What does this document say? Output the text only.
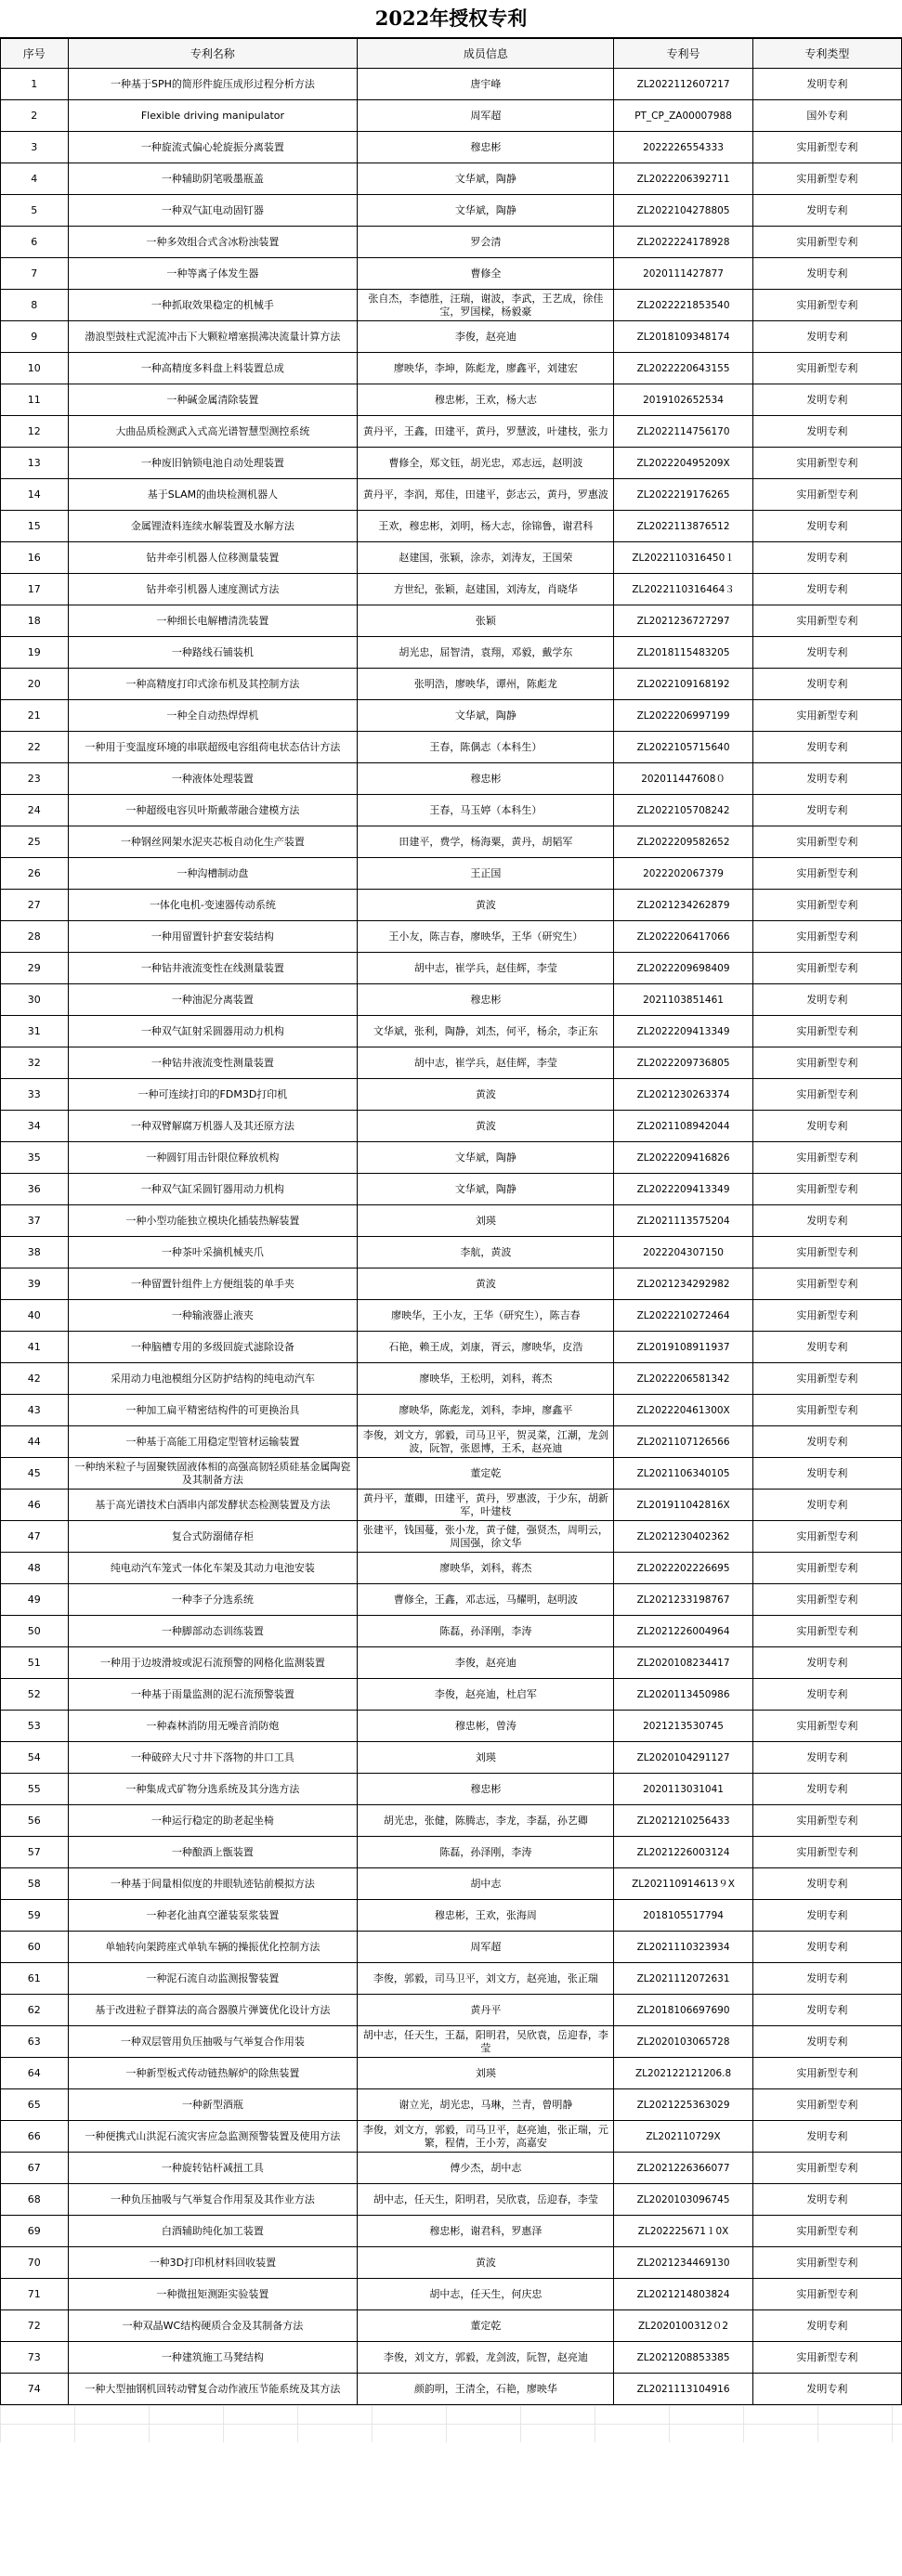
2022年授权专利
序号	专利名称	成员信息	专利号	专利类型
1	一种基于SPH的简形件旋压成形过程分析方法	唐宇峰	ZL2022112607217	发明专利
2	Flexible driving manipulator	周军超	PT_CP_ZA00007988	国外专利
3	一种旋流式偏心轮旋振分离装置	穆忠彬	2022226554333	实用新型专利
4	一种辅助阴笔吸墨瓶盖	文华斌，陶静	ZL2022206392711	实用新型专利
5	一种双气缸电动固钉器	文华斌，陶静	ZL2022104278805	发明专利
6	一种多效组合式含冰粉浊装置	罗会清	ZL2022224178928	实用新型专利
7	一种等离子体发生器	曹修全	2020111427877	发明专利
8	一种抓取效果稳定的机械手	张自杰，李德胜，汪瑞，谢波，李武，王艺成，徐佳宝，罗国樑，杨毅豪	ZL2022221853540	实用新型专利
9	渤浪型鼓柱式泥流冲击下大颗粒增塞损沸决流量计算方法	李俊，赵亮迪	ZL2018109348174	发明专利
10	一种高精度多料盘上料装置总成	廖映华，李坤，陈彪龙，廖鑫平，刘建宏	ZL2022220643155	实用新型专利
11	一种碱金属清除装置	穆忠彬，王欢，杨大志	2019102652534	发明专利
12	大曲品质检测武入式高光谱智慧型测控系统	黄丹平，王鑫，田建平，黄丹，罗慧波，叶建枝，张力	ZL2022114756170	发明专利
13	一种废旧钠锁电池自动处理装置	曹修全，郑文钰，胡光忠，邓志远，赵明波	ZL202220495209X	实用新型专利
14	基于SLAM的曲块检测机器人	黄丹平，李润，郑佳，田建平，彭志云，黄丹，罗惠波	ZL2022219176265	实用新型专利
15	金属锂渣料连续水解装置及水解方法	王欢，穆忠彬，刘明，杨大志，徐锦鲁，谢君科	ZL2022113876512	发明专利
16	钻井牵引机器人位移测量装置	赵建国，张颖，涂赤，刘涛友，王国荣	ZL2022110316450１	发明专利
17	钻井牵引机器人速度测试方法	方世纪，张颖，赵建国，刘涛友，肖晓华	ZL2022110316464３	发明专利
18	一种细长电解槽清洗装置	张颖	ZL2021236727297	实用新型专利
19	一种路线石铺装机	胡光忠，屈智清，袁翔，邓毅，戴学东	ZL2018115483205	发明专利
20	一种高精度打印式涂布机及其控制方法	张明浩，廖映华，谭州，陈彪龙	ZL2022109168192	发明专利
21	一种全自动热焊焊机	文华斌，陶静	ZL2022206997199	实用新型专利
22	一种用于变温度环境的串联超级电容组荷电状态估计方法	王春，陈偶志（本科生）	ZL2022105715640	发明专利
23	一种液体处理装置	穆忠彬	202011447608０	发明专利
24	一种超级电容贝叶斯戴蒂融合建模方法	王春，马玉婷（本科生）	ZL2022105708242	发明专利
25	一种钢丝网架水泥夹芯板自动化生产装置	田建平，费学，杨海粟，黄丹，胡韬军	ZL2022209582652	实用新型专利
26	一种沟槽制动盘	王正国	2022202067379	实用新型专利
27	一体化电机-变速器传动系统	黄波	ZL2021234262879	实用新型专利
28	一种用留置针护套安装结构	王小友，陈吉春，廖映华，王华（研究生）	ZL2022206417066	实用新型专利
29	一种钻井液流变性在线测量装置	胡中志，崔学兵，赵佳辉，李莹	ZL2022209698409	实用新型专利
30	一种油泥分离装置	穆忠彬	2021103851461	发明专利
31	一种双气缸射采圆器用动力机构	文华斌，张利，陶静，刘杰，何平，杨余，李正东	ZL2022209413349	实用新型专利
32	一种钻井液流变性测量装置	胡中志，崔学兵，赵佳辉，李莹	ZL2022209736805	实用新型专利
33	一种可连续打印的FDM3D打印机	黄波	ZL2021230263374	实用新型专利
34	一种双臂解腐万机器人及其还原方法	黄波	ZL2021108942044	发明专利
35	一种圆钉用击针限位释放机构	文华斌，陶静	ZL2022209416826	实用新型专利
36	一种双气缸采圆钉器用动力机构	文华斌，陶静	ZL2022209413349	实用新型专利
37	一种小型功能独立模块化插装热解装置	刘瑛	ZL2021113575204	发明专利
38	一种茶叶采摘机械夹爪	李航，黄波	2022204307150	实用新型专利
39	一种留置针组件上方便组装的单手夹	黄波	ZL2021234292982	实用新型专利
40	一种输液器止液夹	廖映华，王小友，王华（研究生），陈吉春	ZL2022210272464	实用新型专利
41	一种脑槽专用的多级回旋式滤除设备	石艳，赖王成，刘康，胥云，廖映华，皮浩	ZL2019108911937	发明专利
42	采用动力电池模组分区防护结构的纯电动汽车	廖映华，王松明，刘科，蒋杰	ZL2022206581342	实用新型专利
43	一种加工扁平精密结构件的可更换治具	廖映华，陈彪龙，刘科，李坤，廖鑫平	ZL202220461300X	实用新型专利
44	一种基于高能工用稳定型管材运输装置	李俊，刘文方，郭毅，司马卫平，贺灵菜，江潮，龙剑波，阮智，张恩博，王禾，赵亮迪	ZL2021107126566	发明专利
45	一种纳米粒子与固聚铁固液体相的高强高韧轻质硅基金属陶瓷及其制备方法	董定乾	ZL2021106340105	发明专利
46	基于高光谱技术白酒串内部发酵状态检测装置及方法	黄丹平，董卿，田建平，黄丹，罗惠波，于少东，胡新军，叶建枝	ZL201911042816X	发明专利
47	复合式防溺储存柜	张建平，钱国蔓，张小龙，黄子健，强贤杰，周明云，周国强，徐文华	ZL2021230402362	实用新型专利
48	纯电动汽车笼式一体化车架及其动力电池安装	廖映华，刘科，蒋杰	ZL2022202226695	实用新型专利
49	一种李子分选系统	曹修全，王鑫，邓志远，马耀明，赵明波	ZL2021233198767	实用新型专利
50	一种脚部动态训练装置	陈磊，孙泽刚，李涛	ZL2021226004964	实用新型专利
51	一种用于边坡滑坡或泥石流预警的网格化监测装置	李俊，赵亮迪	ZL2020108234417	发明专利
52	一种基于雨量监测的泥石流预警装置	李俊，赵亮迪，杜启军	ZL2020113450986	发明专利
53	一种森林消防用无噪音消防炮	穆忠彬，曾涛	2021213530745	实用新型专利
54	一种破碎大尺寸井下落物的井口工具	刘瑛	ZL2020104291127	发明专利
55	一种集成式矿物分选系统及其分选方法	穆忠彬	2020113031041	发明专利
56	一种运行稳定的助老起坐椅	胡光忠，张健，陈腾志，李龙，李磊，孙艺卿	ZL2021210256433	实用新型专利
57	一种酿酒上甑装置	陈磊，孙泽刚，李涛	ZL2021226003124	实用新型专利
58	一种基于间量相似度的井眼轨迹钻前模拟方法	胡中志	ZL202110914613９X	发明专利
59	一种老化油真空灌装泵浆装置	穆忠彬，王欢，张海周	2018105517794	发明专利
60	单轴转向架跨座式单轨车辆的操振优化控制方法	周军超	ZL2021110323934	发明专利
61	一种泥石流自动监测报警装置	李俊，郭毅，司马卫平，刘文方，赵亮迪，张正瑞	ZL2021112072631	发明专利
62	基于改进粒子群算法的高合器膜片弹簧优化设计方法	黄丹平	ZL2018106697690	发明专利
63	一种双层管用负压抽吸与气举复合作用装	胡中志，任天生，王磊，阳明君，吴欣袁，岳迎春，李莹	ZL2020103065728	发明专利
64	一种新型板式传动链热解炉的除焦装置	刘瑛	ZL202122121206.8	实用新型专利
65	一种新型酒瓶	谢立光，胡光忠，马琳，兰青，曾明静	ZL2021225363029	实用新型专利
66	一种便携式山洪泥石流灾害应急监测预警装置及使用方法	李俊，刘文方，郭毅，司马卫平，赵亮迪，张正瑞，元繁，程倩，王小芳，高嘉安	ZL202110729X	发明专利
67	一种旋转钻杆减扭工具	傅少杰，胡中志	ZL2021226366077	实用新型专利
68	一种负压抽吸与气举复合作用泵及其作业方法	胡中志，任天生，阳明君，吴欣袁，岳迎春，李莹	ZL2020103096745	发明专利
69	白酒辅助纯化加工装置	穆忠彬，谢君科，罗惠泽	ZL202225671１0X	实用新型专利
70	一种3D打印机材料回收装置	黄波	ZL2021234469130	实用新型专利
71	一种微扭矩测距实验装置	胡中志，任天生，何庆忠	ZL2021214803824	实用新型专利
72	一种双晶WC结构硬质合金及其制备方法	董定乾	ZL2020100312０2	发明专利
73	一种建筑施工马凳结构	李俊，刘文方，郭毅，龙剑波，阮智，赵亮迪	ZL2021208853385	实用新型专利
74	一种大型抽钢机回转动臂复合动作液压节能系统及其方法	颜韵明，王清全，石艳，廖映华	ZL2021113104916	发明专利
